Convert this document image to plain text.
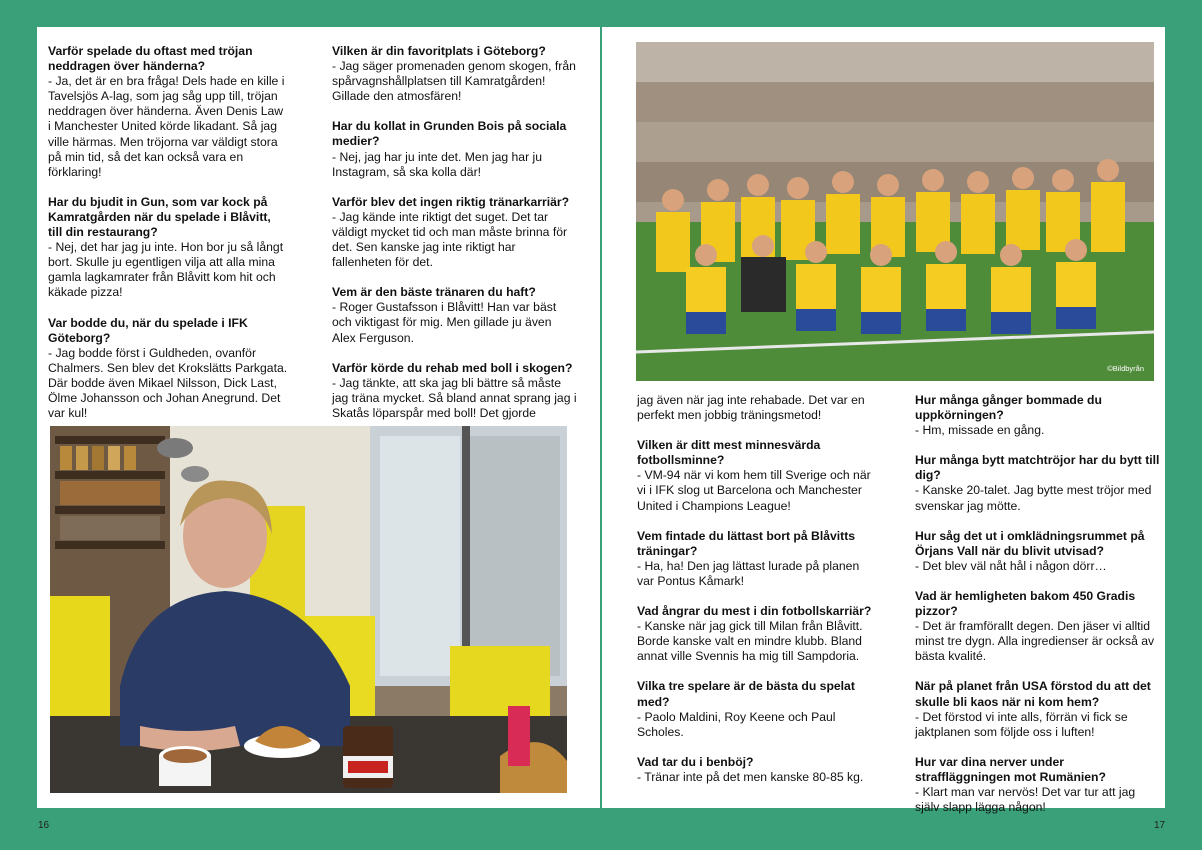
Varför spelade du oftast med tröjan neddragen över händerna?
- Ja, det är en bra fråga! Dels hade en kille i Tavelsjös A-lag, som jag såg upp till, tröjan neddragen över händerna. Även Denis Law i Manchester United körde likadant. Så jag ville härmas. Men tröjorna var väldigt stora på min tid, så det kan också vara en förklaring!
Har du bjudit in Gun, som var kock på Kamratgården när du spelade i Blåvitt, till din restaurang?
- Nej, det har jag ju inte. Hon bor ju så långt bort. Skulle ju egentligen vilja att alla mina gamla lagkamrater från Blåvitt kom hit och käkade pizza!
Var bodde du, när du spelade i IFK Göteborg?
- Jag bodde först i Guldheden, ovanför Chalmers. Sen blev det Krokslätts Parkgata. Där bodde även Mikael Nilsson, Dick Last, Ölme Johansson och Johan Anegrund. Det var kul!
Vilken är din favoritplats i Göteborg?
- Jag säger promenaden genom skogen, från spårvagnshållplatsen till Kamratgården! Gillade den atmosfären!
Har du kollat in Grunden Bois på sociala medier?
- Nej, jag har ju inte det. Men jag har ju Instagram, så ska kolla där!
Varför blev det ingen riktig tränarkarriär?
- Jag kände inte riktigt det suget. Det tar väldigt mycket tid och man måste brinna för det. Sen kanske jag inte riktigt har fallenheten för det.
Vem är den bäste tränaren du haft?
- Roger Gustafsson i Blåvitt! Han var bäst och viktigast för mig. Men gillade ju även Alex Ferguson.
Varför körde du rehab med boll i skogen?
- Jag tänkte, att ska jag bli bättre så måste jag träna mycket. Så bland annat sprang jag i Skatås löparspår med boll! Det gjorde
©Bildbyrån
jag även när jag inte rehabade. Det var en perfekt men jobbig träningsmetod!
Vilken är ditt mest minnesvärda fotbollsminne?
- VM-94 när vi kom hem till Sverige och när vi i IFK slog ut Barcelona och Manchester United i Champions League!
Vem fintade du lättast bort på Blåvitts träningar?
- Ha, ha! Den jag lättast lurade på planen var Pontus Kåmark!
Vad ångrar du mest i din fotbollskarriär?
- Kanske när jag gick till Milan från Blåvitt. Borde kanske valt en mindre klubb. Bland annat ville Svennis ha mig till Sampdoria.
Vilka tre spelare är de bästa du spelat med?
- Paolo Maldini, Roy Keene och Paul Scholes.
Vad tar du i benböj?
- Tränar inte på det men kanske 80-85 kg.
Hur många gånger bommade du uppkörningen?
- Hm, missade en gång.
Hur många bytt matchtröjor har du bytt till dig?
- Kanske 20-talet. Jag bytte mest tröjor med svenskar jag mötte.
Hur såg det ut i omklädningsrummet på Örjans Vall när du blivit utvisad?
- Det blev väl nåt hål i någon dörr…
Vad är hemligheten bakom 450 Gradis pizzor?
- Det är framförallt degen. Den jäser vi alltid minst tre dygn. Alla ingredienser är också av bästa kvalité.
När på planet från USA förstod du att det skulle bli kaos när ni kom hem?
- Det förstod vi inte alls, förrän vi fick se jaktplanen som följde oss i luften!
Hur var dina nerver under straffläggningen mot Rumänien?
- Klart man var nervös! Det var tur att jag själv slapp lägga någon!
16	17
